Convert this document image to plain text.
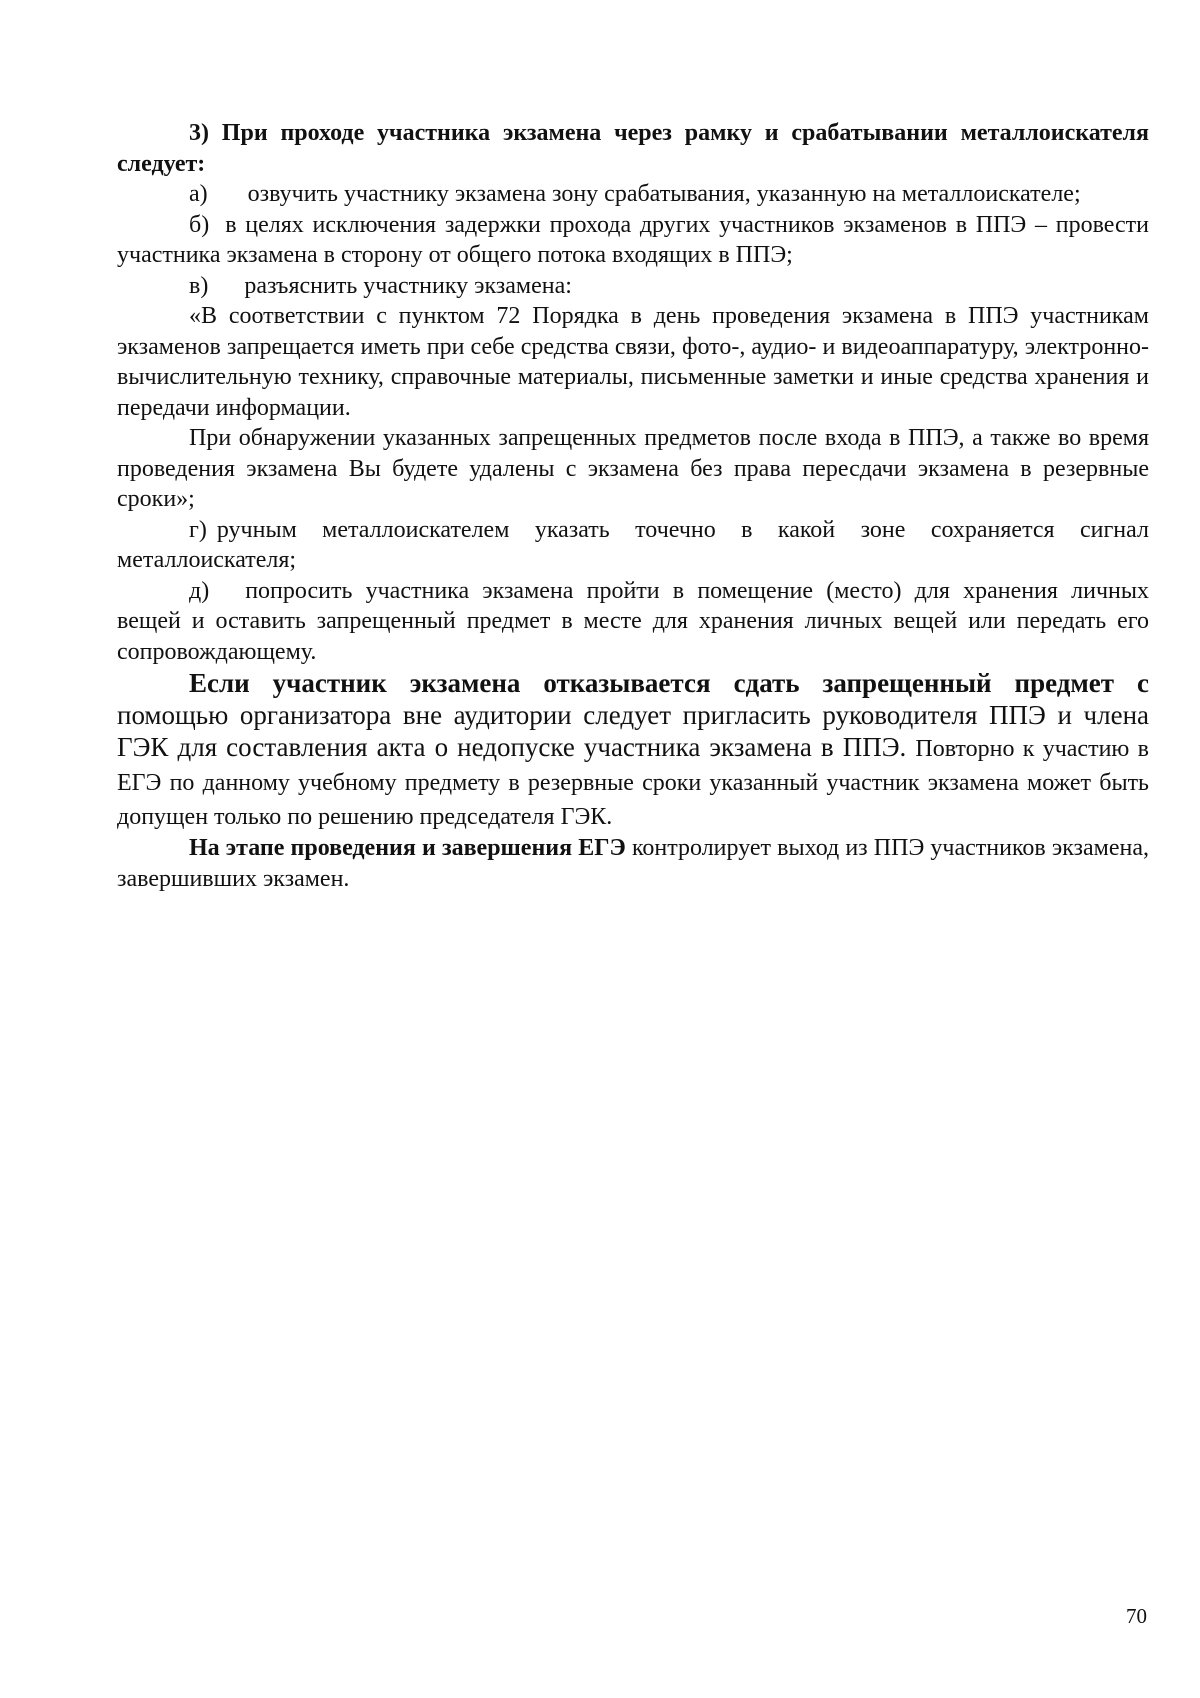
3) При проходе участника экзамена через рамку и срабатывании металлоискателя следует:

а) озвучить участнику экзамена зону срабатывания, указанную на металлоискателе;

б) в целях исключения задержки прохода других участников экзаменов в ППЭ – провести участника экзамена в сторону от общего потока входящих в ППЭ;

в) разъяснить участнику экзамена:

«В соответствии с пунктом 72 Порядка в день проведения экзамена в ППЭ участникам экзаменов запрещается иметь при себе средства связи, фото-, аудио- и видеоаппаратуру, электронно-вычислительную технику, справочные материалы, письменные заметки и иные средства хранения и передачи информации.

При обнаружении указанных запрещенных предметов после входа в ППЭ, а также во время проведения экзамена Вы будете удалены с экзамена без права пересдачи экзамена в резервные сроки»;

г) ручным металлоискателем указать точечно в какой зоне сохраняется сигнал металлоискателя;

д) попросить участника экзамена пройти в помещение (место) для хранения личных вещей и оставить запрещенный предмет в месте для хранения личных вещей или передать его сопровождающему.

Если участник экзамена отказывается сдать запрещенный предмет с помощью организатора вне аудитории следует пригласить руководителя ППЭ и члена ГЭК для составления акта о недопуске участника экзамена в ППЭ. Повторно к участию в ЕГЭ по данному учебному предмету в резервные сроки указанный участник экзамена может быть допущен только по решению председателя ГЭК.

На этапе проведения и завершения ЕГЭ контролирует выход из ППЭ участников экзамена, завершивших экзамен.

70
